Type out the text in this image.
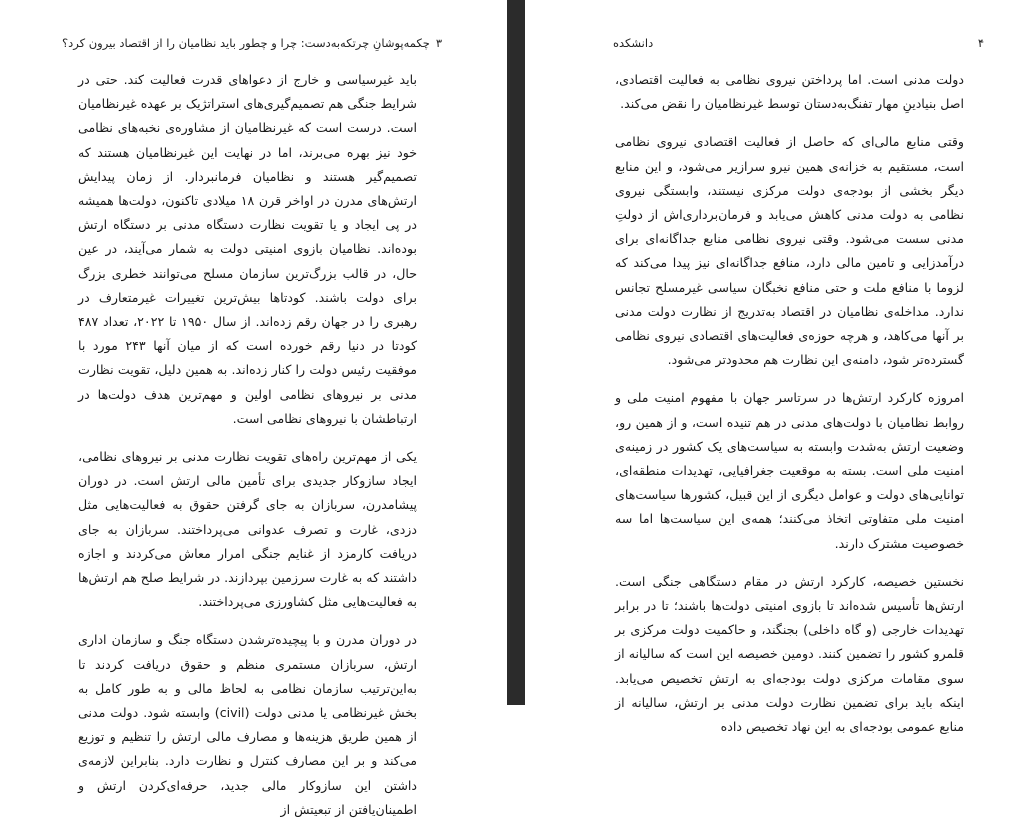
۳
چکمه‌پوشانِ چرتکه‌به‌دست: چرا و چطور باید نظامیان را از اقتصاد بیرون کرد؟

باید غیرسیاسی و خارج از دعواهای قدرت فعالیت کند. حتی در شرایط جنگی هم تصمیم‌گیری‌های استراتژیک بر عهده غیرنظامیان است. درست است که غیرنظامیان از مشاوره‌ی نخبه‌های نظامی خود نیز بهره می‌برند، اما در نهایت این غیرنظامیان هستند که تصمیم‌گیر هستند و نظامیان فرمانبردار. از زمان پیدایش ارتش‌های مدرن در اواخر قرن ۱۸ میلادی تاکنون، دولت‌ها همیشه در پی ایجاد و یا تقویت نظارت دستگاه مدنی بر دستگاه ارتش بوده‌اند. نظامیان بازوی امنیتی دولت به شمار می‌آیند، در عین حال، در قالب بزرگ‌ترین سازمان مسلح می‌توانند خطری بزرگ برای دولت باشند. کودتاها بیش‌ترین تغییرات غیرمتعارف در رهبری را در جهان رقم زده‌اند. از سال ۱۹۵۰ تا ۲۰۲۲، تعداد ۴۸۷ کودتا در دنیا رقم خورده است که از میان آنها ۲۴۳ مورد با موفقیت رئیس دولت را کنار زده‌اند. به همین دلیل، تقویت نظارت مدنی بر نیروهای نظامی اولین و مهم‌ترین هدف دولت‌ها در ارتباطشان با نیروهای نظامی است.

یکی از مهم‌ترین راه‌های تقویت نظارت مدنی بر نیروهای نظامی، ایجاد سازوکار جدیدی برای تأمین مالی ارتش است. در دوران پیشامدرن، سربازان به جای گرفتن حقوق به فعالیت‌هایی مثل دزدی، غارت و تصرف عدوانی می‌پرداختند. سربازان به جای دریافت کارمزد از غنایم جنگی امرار معاش می‌کردند و اجازه داشتند که به غارت سرزمین بپردازند. در شرایط صلح هم ارتش‌ها به فعالیت‌هایی مثل کشاورزی می‌پرداختند.

در دوران مدرن و با پیچیده‌ترشدن دستگاه جنگ و سازمان اداری ارتش، سربازان مستمری منظم و حقوق دریافت کردند تا به‌این‌ترتیب سازمان نظامی به لحاظ مالی و به طور کامل به بخش غیرنظامی یا مدنی دولت (civil) وابسته شود. دولت مدنی از همین طریق هزینه‌ها و مصارف مالی ارتش را تنظیم و توزیع می‌کند و بر این مصارف کنترل و نظارت دارد. بنابراین لازمه‌ی داشتن این سازوکار مالی جدید، حرفه‌ای‌کردن ارتش و اطمینان‌یافتن از تبعیتش از

۴
دانشکده

دولت مدنی است. اما پرداختن نیروی نظامی به فعالیت اقتصادی، اصل بنیادینِ مهار تفنگ‌به‌دستان توسط غیرنظامیان را نقض می‌کند.

وقتی منابع مالی‌ای که حاصل از فعالیت اقتصادی نیروی نظامی است، مستقیم به خزانه‌ی همین نیرو سرازیر می‌شود، و این منابع دیگر بخشی از بودجه‌ی دولت مرکزی نیستند، وابستگی نیروی نظامی به دولت مدنی کاهش می‌یابد و فرمان‌برداری‌اش از دولتِ مدنی سست می‌شود. وقتی نیروی نظامی منابع جداگانه‌ای برای درآمدزایی و تامین مالی دارد، منافع جداگانه‌ای نیز پیدا می‌کند که لزوما با منافع ملت و حتی منافع نخبگان سیاسی غیرمسلح تجانس ندارد. مداخله‌ی نظامیان در اقتصاد به‌تدریج از نظارت دولت مدنی بر آنها می‌کاهد، و هرچه حوزه‌ی فعالیت‌های اقتصادی نیروی نظامی گسترده‌تر شود، دامنه‌ی این نظارت هم محدودتر می‌شود.

امروزه کارکرد ارتش‌ها در سرتاسر جهان با مفهوم امنیت ملی و روابط نظامیان با دولت‌های مدنی در هم تنیده است، و از همین رو، وضعیت ارتش به‌شدت وابسته به سیاست‌های یک کشور در زمینه‌ی امنیت ملی است. بسته به موقعیت جغرافیایی، تهدیدات منطقه‌ای، توانایی‌های دولت و عوامل دیگری از این قبیل، کشورها سیاست‌های امنیت ملی متفاوتی اتخاذ می‌کنند؛ همه‌ی این سیاست‌ها اما سه خصوصیت مشترک دارند.

نخستین خصیصه، کارکرد ارتش در مقام دستگاهی جنگی است. ارتش‌ها تأسیس شده‌اند تا بازوی امنیتی دولت‌ها باشند؛ تا در برابر تهدیدات خارجی (و گاه داخلی) بجنگند، و حاکمیت دولت مرکزی بر قلمرو کشور را تضمین کنند. دومین خصیصه این است که سالیانه از سوی مقامات مرکزی دولت بودجه‌ای به ارتش تخصیص می‌یابد. اینکه باید برای تضمین نظارت دولت مدنی بر ارتش، سالیانه از منابع عمومی بودجه‌ای به این نهاد تخصیص داده
